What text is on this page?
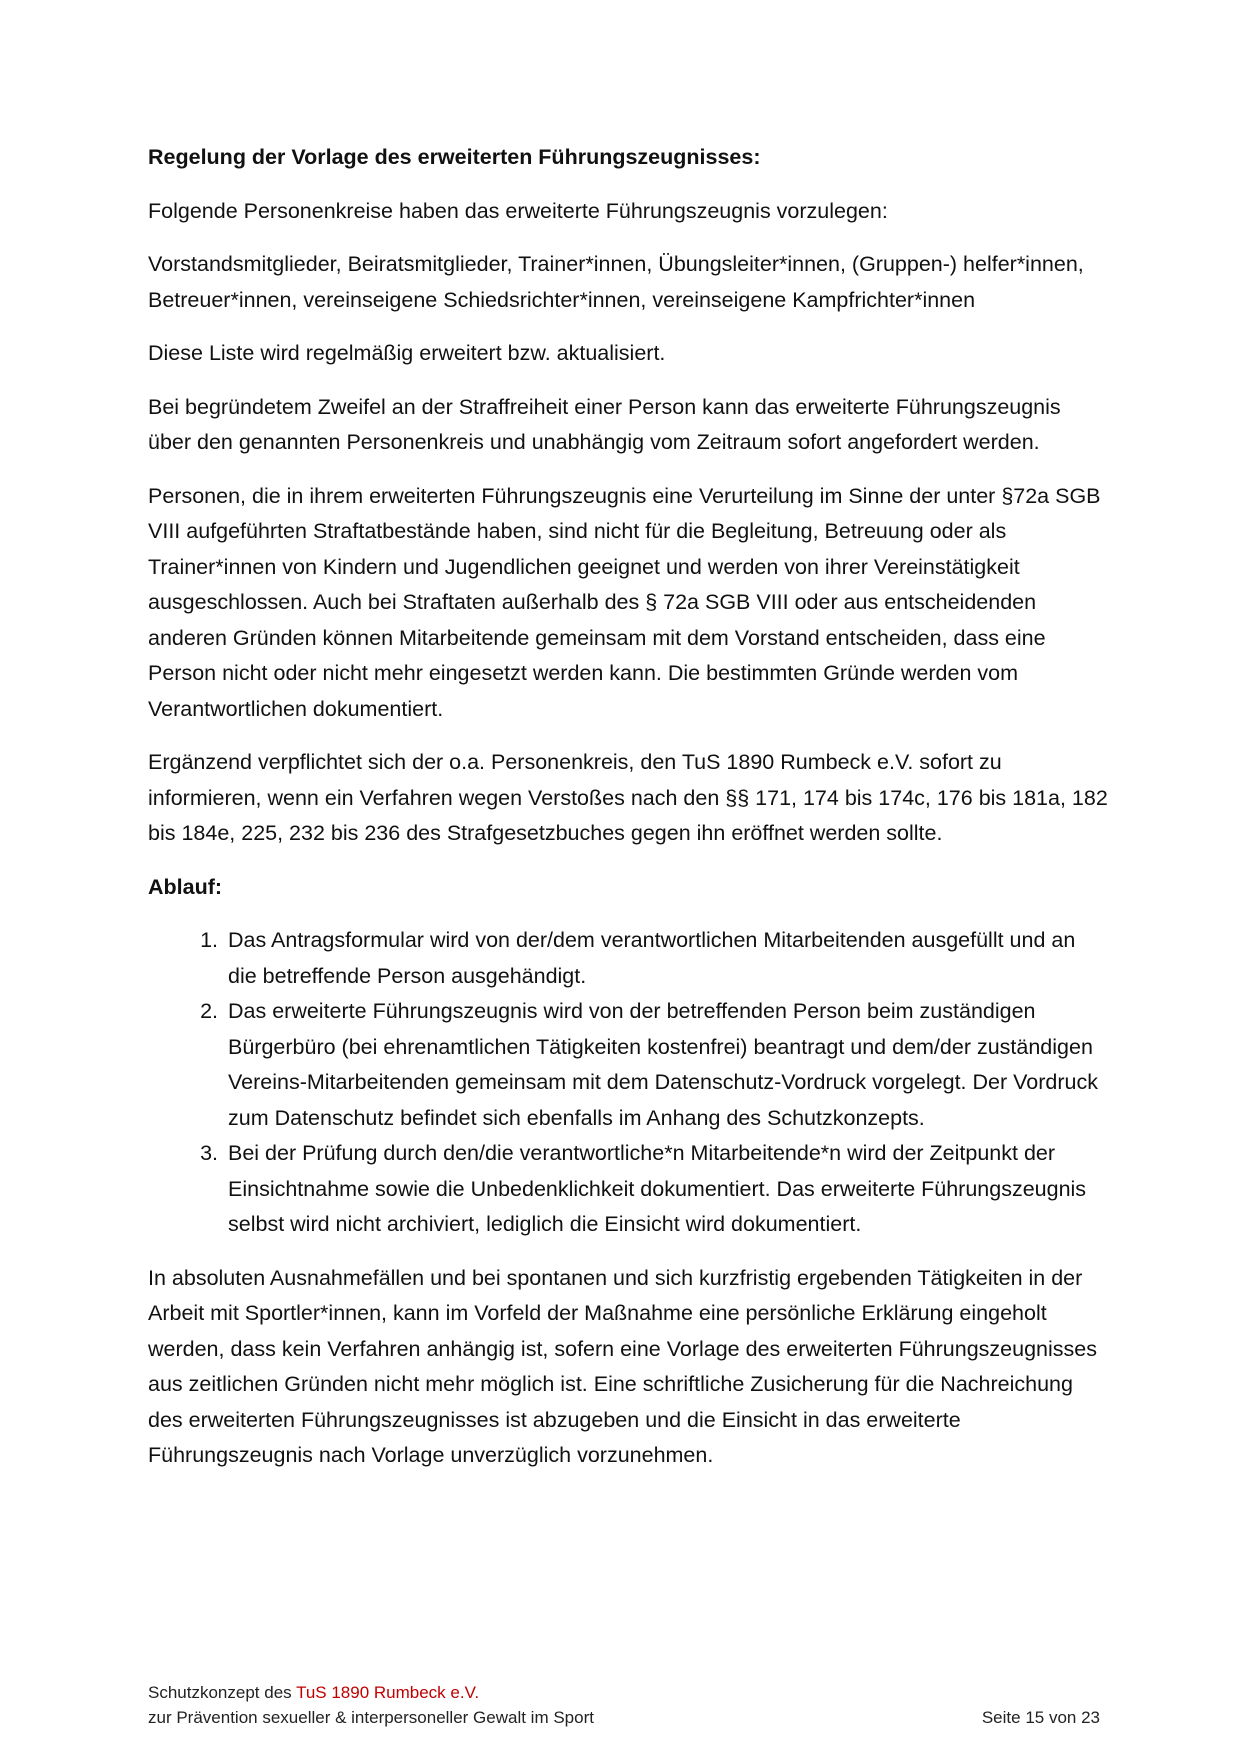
Regelung der Vorlage des erweiterten Führungszeugnisses:

Folgende Personenkreise haben das erweiterte Führungszeugnis vorzulegen:

Vorstandsmitglieder, Beiratsmitglieder, Trainer*innen, Übungsleiter*innen, (Gruppen-) helfer*innen, Betreuer*innen, vereinseigene Schiedsrichter*innen, vereinseigene Kampfrichter*innen

Diese Liste wird regelmäßig erweitert bzw. aktualisiert.

Bei begründetem Zweifel an der Straffreiheit einer Person kann das erweiterte Führungszeugnis über den genannten Personenkreis und unabhängig vom Zeitraum sofort angefordert werden.

Personen, die in ihrem erweiterten Führungszeugnis eine Verurteilung im Sinne der unter §72a SGB VIII aufgeführten Straftatbestände haben, sind nicht für die Begleitung, Betreuung oder als Trainer*innen von Kindern und Jugendlichen geeignet und werden von ihrer Vereinstätigkeit ausgeschlossen. Auch bei Straftaten außerhalb des § 72a SGB VIII oder aus entscheidenden anderen Gründen können Mitarbeitende gemeinsam mit dem Vorstand entscheiden, dass eine Person nicht oder nicht mehr eingesetzt werden kann. Die bestimmten Gründe werden vom Verantwortlichen dokumentiert.

Ergänzend verpflichtet sich der o.a. Personenkreis, den TuS 1890 Rumbeck e.V. sofort zu informieren, wenn ein Verfahren wegen Verstoßes nach den §§ 171, 174 bis 174c, 176 bis 181a, 182 bis 184e, 225, 232 bis 236 des Strafgesetzbuches gegen ihn eröffnet werden sollte.

Ablauf:

1. Das Antragsformular wird von der/dem verantwortlichen Mitarbeitenden ausgefüllt und an die betreffende Person ausgehändigt.
2. Das erweiterte Führungszeugnis wird von der betreffenden Person beim zuständigen Bürgerbüro (bei ehrenamtlichen Tätigkeiten kostenfrei) beantragt und dem/der zuständigen Vereins-Mitarbeitenden gemeinsam mit dem Datenschutz-Vordruck vorgelegt. Der Vordruck zum Datenschutz befindet sich ebenfalls im Anhang des Schutzkonzepts.
3. Bei der Prüfung durch den/die verantwortliche*n Mitarbeitende*n wird der Zeitpunkt der Einsichtnahme sowie die Unbedenklichkeit dokumentiert. Das erweiterte Führungszeugnis selbst wird nicht archiviert, lediglich die Einsicht wird dokumentiert.

In absoluten Ausnahmefällen und bei spontanen und sich kurzfristig ergebenden Tätigkeiten in der Arbeit mit Sportler*innen, kann im Vorfeld der Maßnahme eine persönliche Erklärung eingeholt werden, dass kein Verfahren anhängig ist, sofern eine Vorlage des erweiterten Führungszeugnisses aus zeitlichen Gründen nicht mehr möglich ist. Eine schriftliche Zusicherung für die Nachreichung des erweiterten Führungszeugnisses ist abzugeben und die Einsicht in das erweiterte Führungszeugnis nach Vorlage unverzüglich vorzunehmen.

Schutzkonzept des TuS 1890 Rumbeck e.V.
zur Prävention sexueller & interpersoneller Gewalt im Sport	Seite 15 von 23
